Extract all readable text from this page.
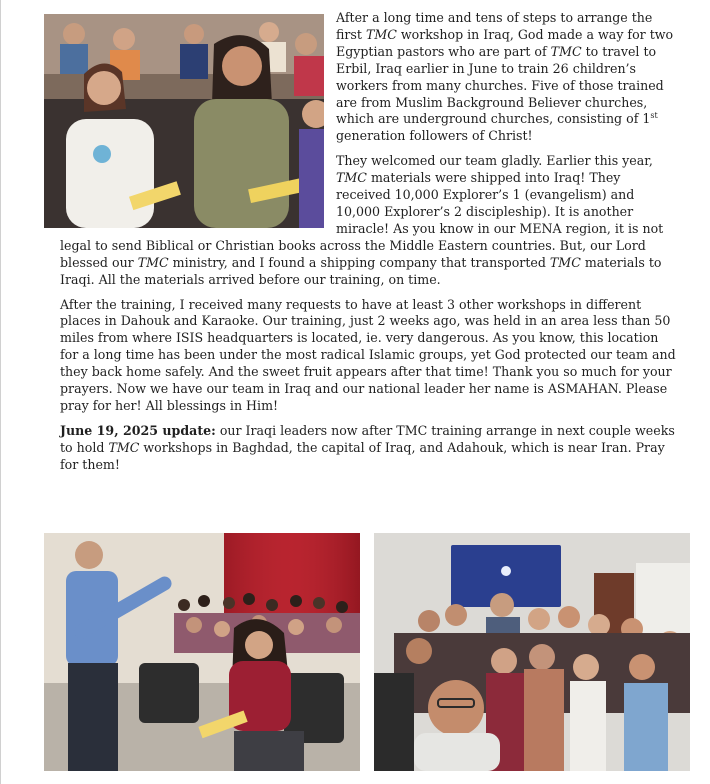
After a long time and tens of steps to arrange the first TMC workshop in Iraq, God made a way for two Egyptian pastors who are part of TMC to travel to Erbil, Iraq earlier in June to train 26 children’s workers from many churches. Five of those trained are from Muslim Background Believer churches, which are underground churches, consisting of 1st generation followers of Christ!

They welcomed our team gladly. Earlier this year, TMC materials were shipped into Iraq! They received 10,000 Explorer’s 1 (evangelism) and 10,000 Explorer’s 2 discipleship). It is another miracle! As you know in our MENA region, it is not legal to send Biblical or Christian books across the Middle Eastern countries. But, our Lord blessed our TMC ministry, and I found a shipping company that transported TMC materials to Iraqi. All the materials arrived before our training, on time.

After the training, I received many requests to have at least 3 other workshops in different places in Dahouk and Karaoke. Our training, just 2 weeks ago, was held in an area less than 50 miles from where ISIS headquarters is located, ie. very dangerous. As you know, this location for a long time has been under the most radical Islamic groups, yet God protected our team and they back home safely. And the sweet fruit appears after that time! Thank you so much for your prayers. Now we have our team in Iraq and our national leader her name is ASMAHAN. Please pray for her! All blessings in Him!

June 19, 2025 update: our Iraqi leaders now after TMC training arrange in next couple weeks to hold TMC workshops in Baghdad, the capital of Iraq, and Adahouk, which is near Iran. Pray for them!
